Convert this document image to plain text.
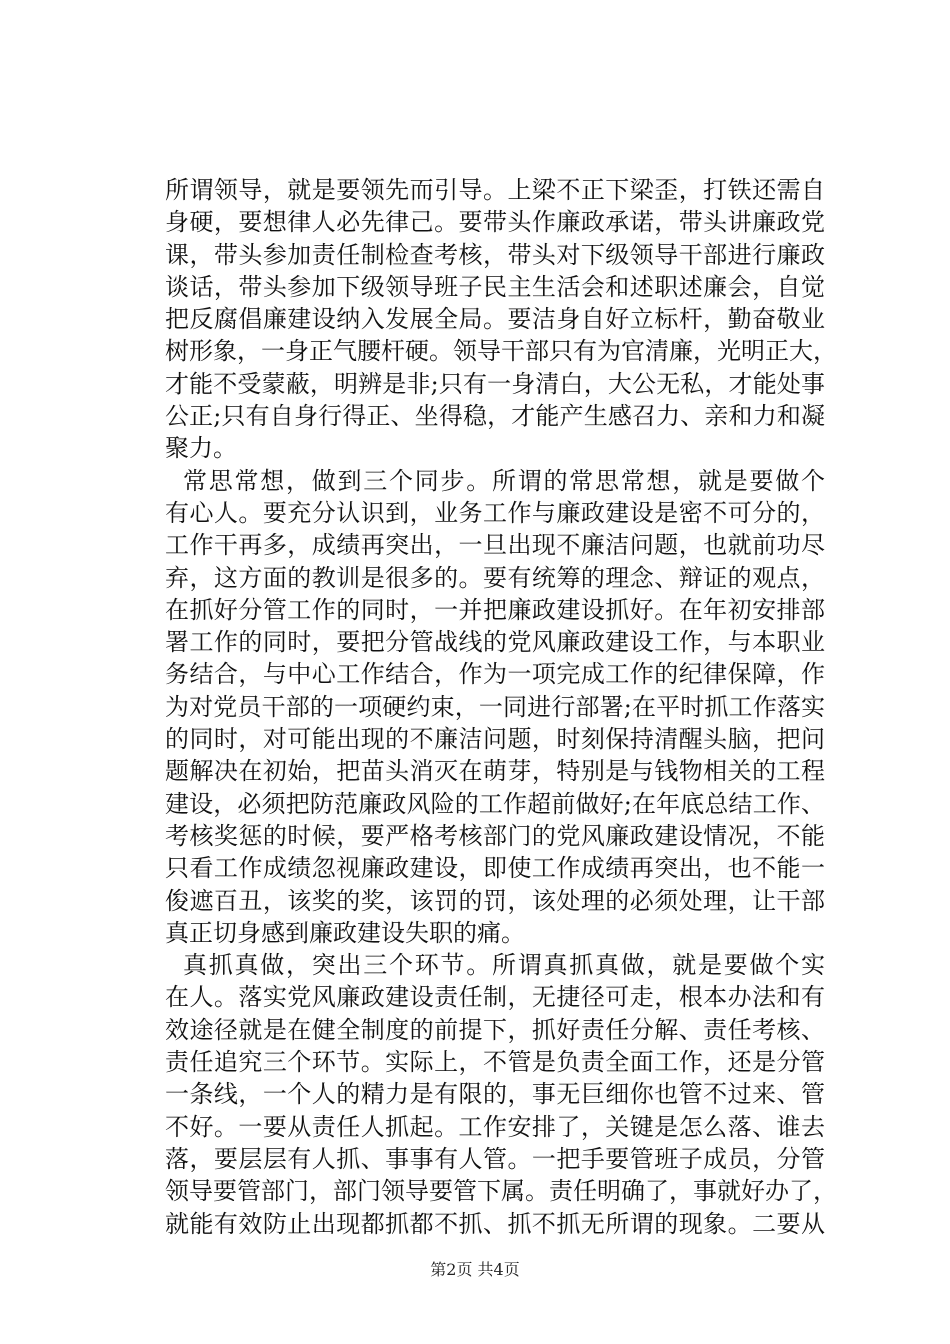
所谓领导，就是要领先而引导。上梁不正下梁歪，打铁还需自
身硬，要想律人必先律己。要带头作廉政承诺，带头讲廉政党
课，带头参加责任制检查考核，带头对下级领导干部进行廉政
谈话，带头参加下级领导班子民主生活会和述职述廉会，自觉
把反腐倡廉建设纳入发展全局。要洁身自好立标杆，勤奋敬业
树形象，一身正气腰杆硬。领导干部只有为官清廉，光明正大，
才能不受蒙蔽，明辨是非;只有一身清白，大公无私，才能处事
公正;只有自身行得正、坐得稳，才能产生感召力、亲和力和凝
聚力。
常思常想，做到三个同步。所谓的常思常想，就是要做个
有心人。要充分认识到，业务工作与廉政建设是密不可分的，
工作干再多，成绩再突出，一旦出现不廉洁问题，也就前功尽
弃，这方面的教训是很多的。要有统筹的理念、辩证的观点，
在抓好分管工作的同时，一并把廉政建设抓好。在年初安排部
署工作的同时，要把分管战线的党风廉政建设工作，与本职业
务结合，与中心工作结合，作为一项完成工作的纪律保障，作
为对党员干部的一项硬约束，一同进行部署;在平时抓工作落实
的同时，对可能出现的不廉洁问题，时刻保持清醒头脑，把问
题解决在初始，把苗头消灭在萌芽，特别是与钱物相关的工程
建设，必须把防范廉政风险的工作超前做好;在年底总结工作、
考核奖惩的时候，要严格考核部门的党风廉政建设情况，不能
只看工作成绩忽视廉政建设，即使工作成绩再突出，也不能一
俊遮百丑，该奖的奖，该罚的罚，该处理的必须处理，让干部
真正切身感到廉政建设失职的痛。
真抓真做，突出三个环节。所谓真抓真做，就是要做个实
在人。落实党风廉政建设责任制，无捷径可走，根本办法和有
效途径就是在健全制度的前提下，抓好责任分解、责任考核、
责任追究三个环节。实际上，不管是负责全面工作，还是分管
一条线，一个人的精力是有限的，事无巨细你也管不过来、管
不好。一要从责任人抓起。工作安排了，关键是怎么落、谁去
落，要层层有人抓、事事有人管。一把手要管班子成员，分管
领导要管部门，部门领导要管下属。责任明确了，事就好办了，
就能有效防止出现都抓都不抓、抓不抓无所谓的现象。二要从
第2页 共4页
